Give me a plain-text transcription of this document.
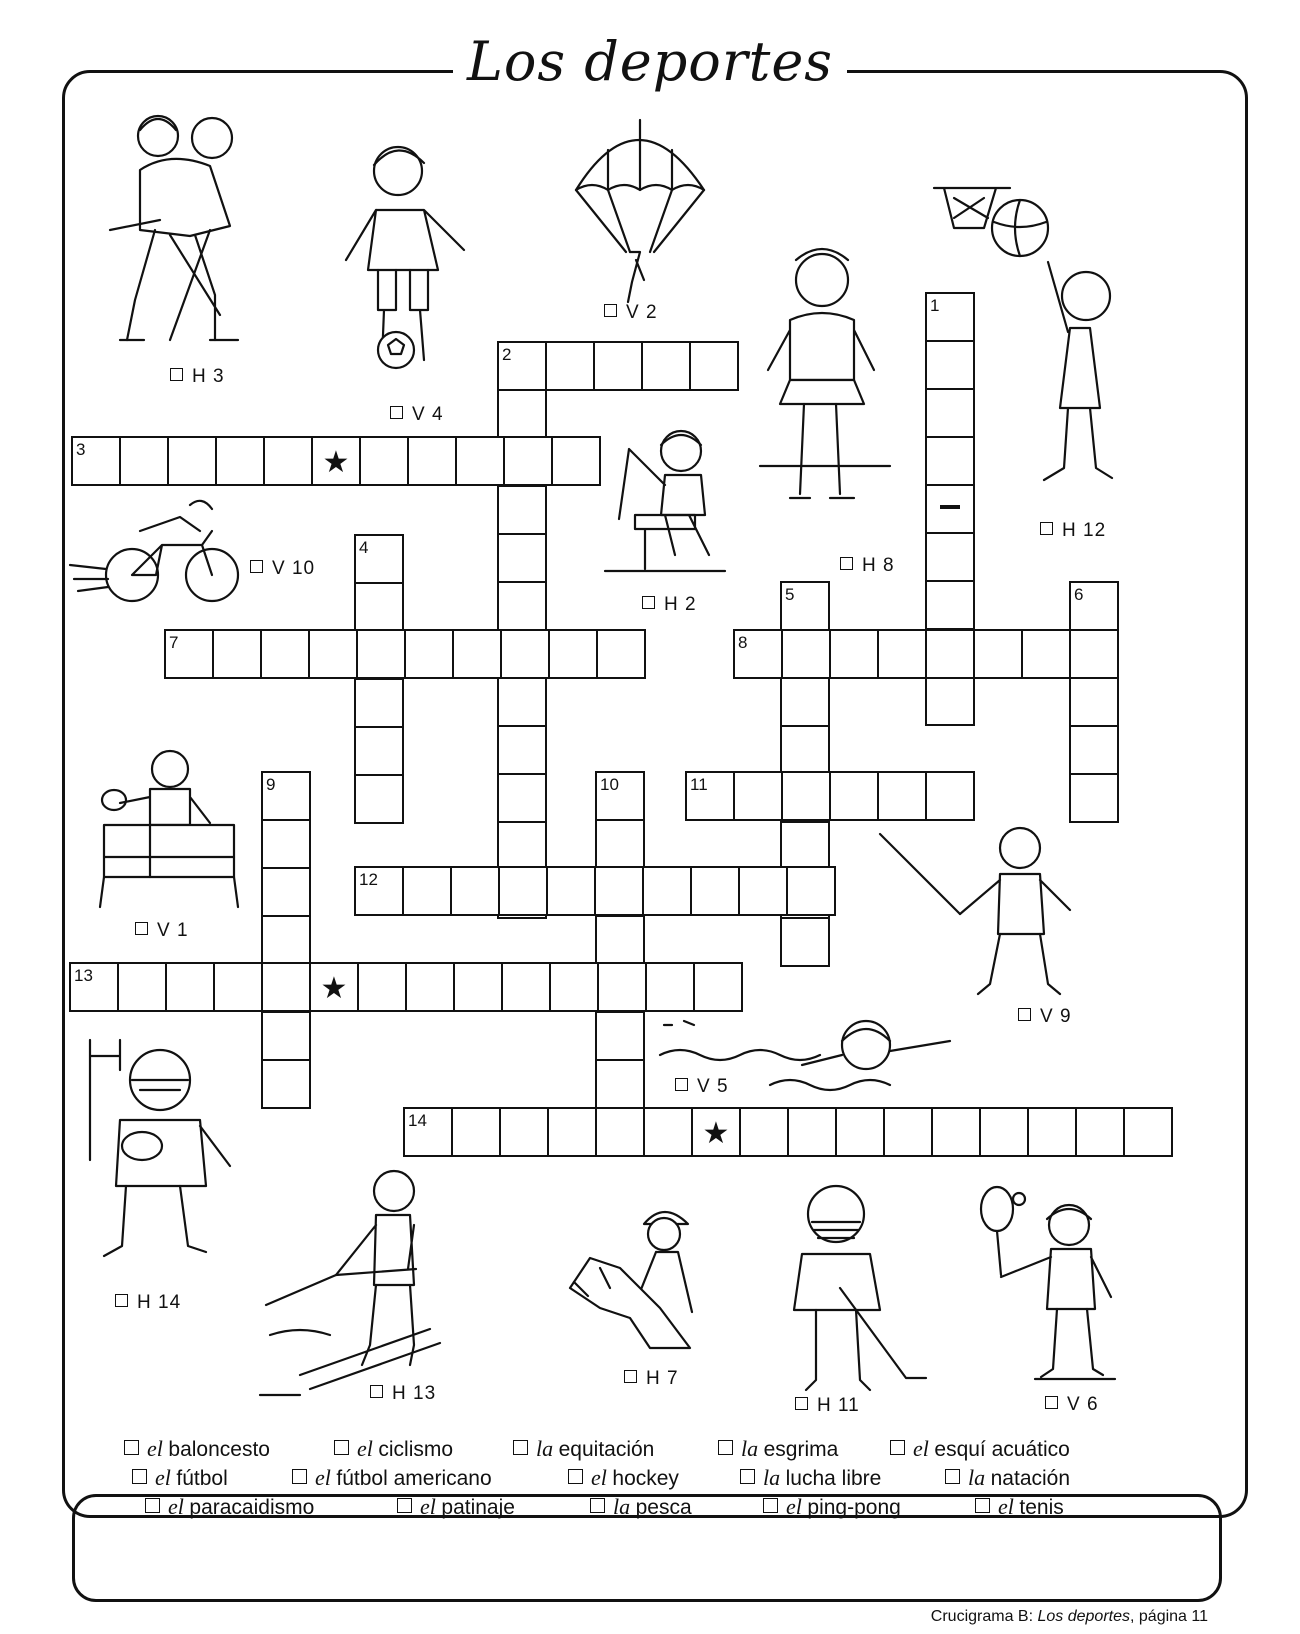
Los deportes
1
2
★
3
4
5	6
7	8
9	10	11
12
★
13
★
14
H 3
V 4
V 2
H 12
V 10	H 8
H 2
V 1
V 9
V 5
H 14
H 13
H 7
H 11	V 6
el baloncesto	el ciclismo	la equitación	la esgrima	el esquí acuático
el fútbol	el fútbol americano	el hockey	la lucha libre	la natación
el paracaidismo	el patinaje	la pesca	el ping-pong	el tenis
Crucigrama B: Los deportes, página 11
